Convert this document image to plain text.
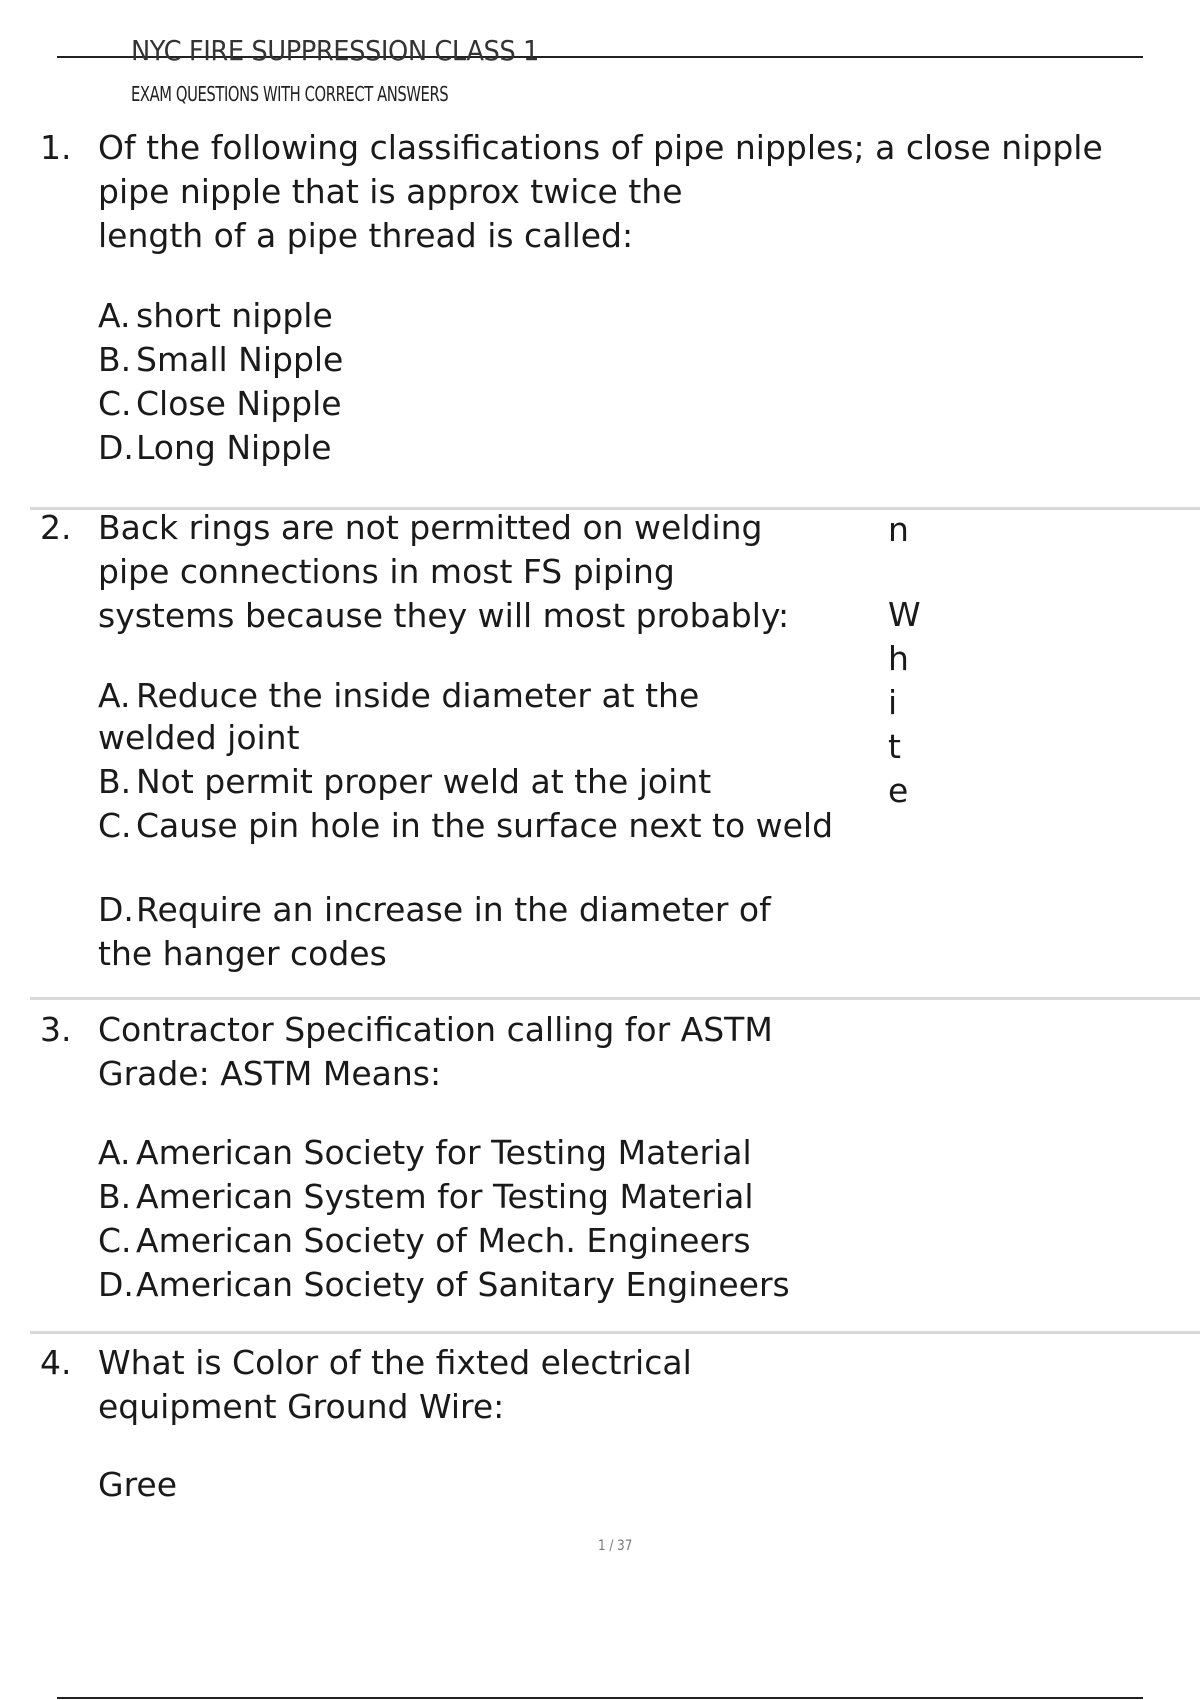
NYC FIRE SUPPRESSION CLASS 1
EXAM QUESTIONS WITH CORRECT ANSWERS
1. Of the following classifications of pipe nipples; a close nipple
pipe nipple that is approx twice the
length of a pipe thread is called:
A. short nipple
B. Small Nipple
C. Close Nipple
D.Long Nipple
2. Back rings are not permitted on welding
pipe connections in most FS piping
systems because they will most probably:
A. Reduce the inside diameter at the
welded joint
B. Not permit proper weld at the joint
C. Cause pin hole in the surface next to weld
D.Require an increase in the diameter of
the hanger codes
n
W
h
i
t
e
3. Contractor Specification calling for ASTM
Grade: ASTM Means:
A. American Society for Testing Material
B. American System for Testing Material
C. American Society of Mech. Engineers
D.American Society of Sanitary Engineers
4. What is Color of the fixted electrical
equipment Ground Wire:
Gree
1 / 37
